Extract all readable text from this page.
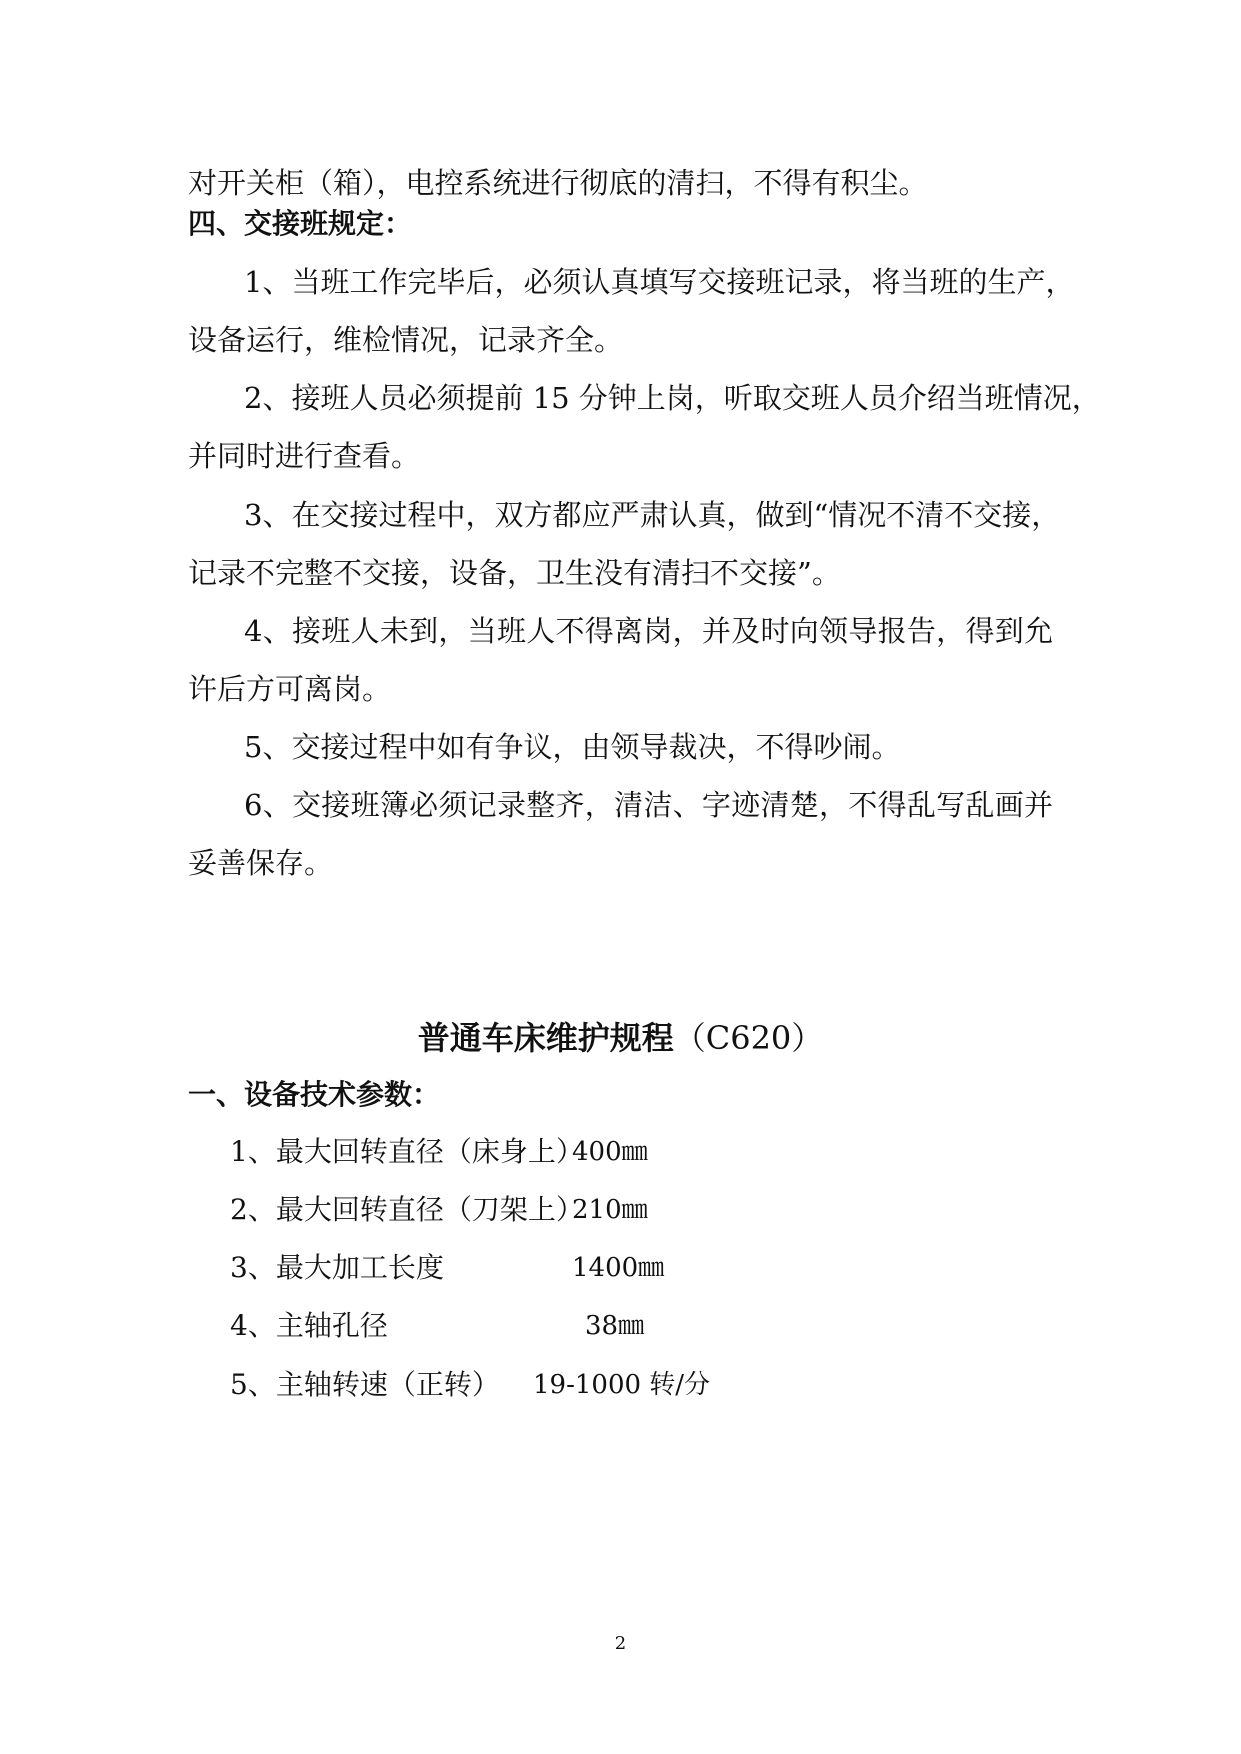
对开关柜（箱），电控系统进行彻底的清扫，不得有积尘。
四、交接班规定：
1、当班工作完毕后，必须认真填写交接班记录，将当班的生产，
设备运行，维检情况，记录齐全。
2、接班人员必须提前 15 分钟上岗，听取交班人员介绍当班情况，
并同时进行查看。
3、在交接过程中，双方都应严肃认真，做到“情况不清不交接，
记录不完整不交接，设备，卫生没有清扫不交接”。
4、接班人未到，当班人不得离岗，并及时向领导报告，得到允
许后方可离岗。
5、交接过程中如有争议，由领导裁决，不得吵闹。
6、交接班簿必须记录整齐，清洁、字迹清楚，不得乱写乱画并
妥善保存。
普通车床维护规程（C620）
一、设备技术参数：
1、最大回转直径（床身上）
400㎜
2、最大回转直径（刀架上）
210㎜
3、最大加工长度	1400㎜
4、主轴孔径	38㎜
5、主轴转速（正转） 19-1000 转/分
2
